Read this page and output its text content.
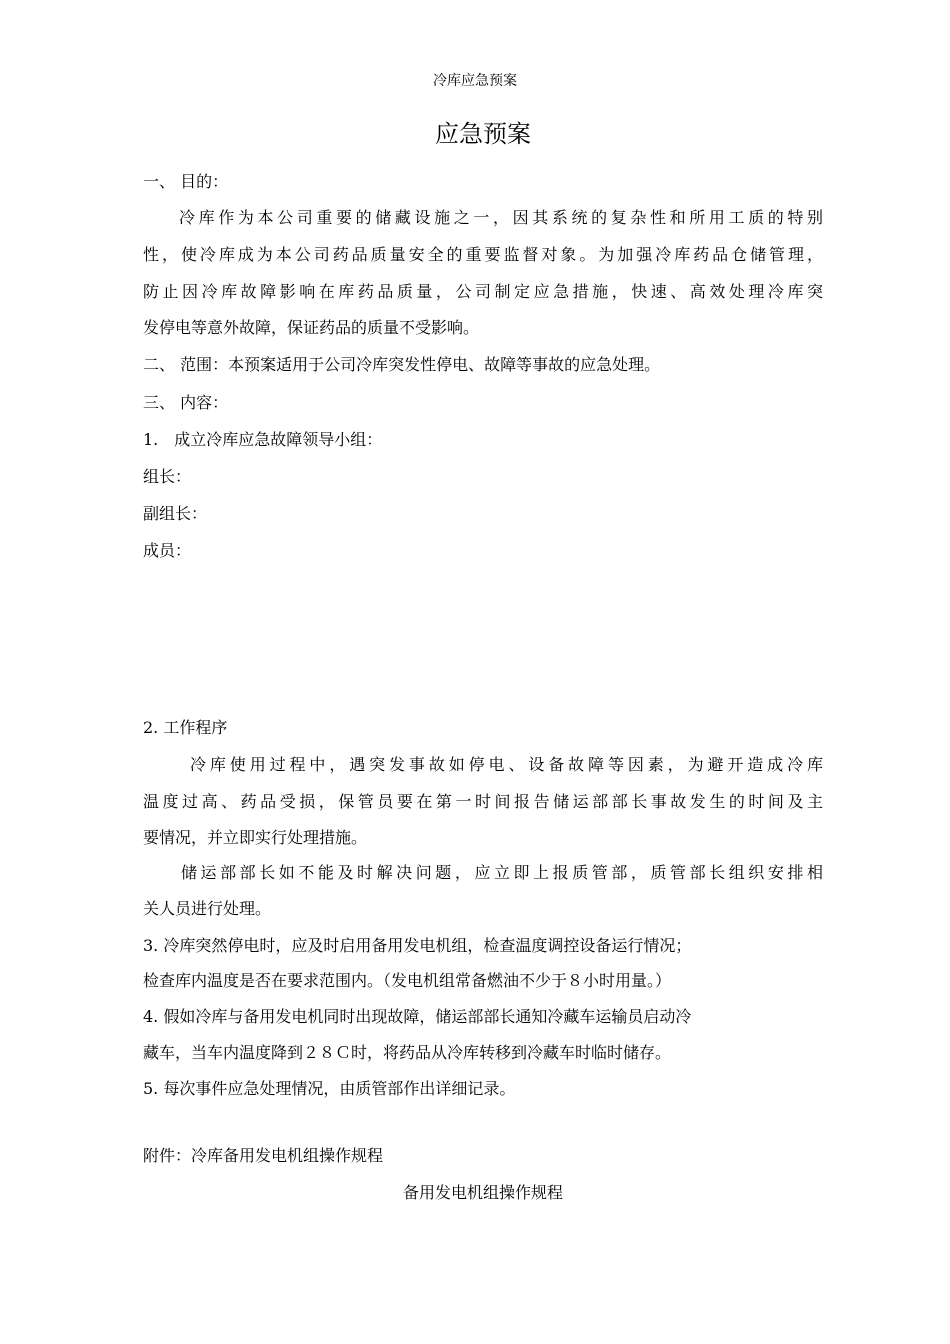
冷库应急预案
应急预案
一、 目的：
冷库作为本公司重要的储藏设施之一，因其系统的复杂性和所用工质的特别
性，使冷库成为本公司药品质量安全的重要监督对象。为加强冷库药品仓储管理，
防止因冷库故障影响在库药品质量，公司制定应急措施，快速、高效处理冷库突
发停电等意外故障，保证药品的质量不受影响。
二、 范围：本预案适用于公司冷库突发性停电、故障等事故的应急处理。
三、 内容：
1.　成立冷库应急故障领导小组：
组长：
副组长：
成员：
2. 工作程序
冷库使用过程中，遇突发事故如停电、设备故障等因素，为避开造成冷库
温度过高、药品受损，保管员要在第一时间报告储运部部长事故发生的时间及主
要情况，并立即实行处理措施。
储运部部长如不能及时解决问题，应立即上报质管部，质管部长组织安排相
关人员进行处理。
3. 冷库突然停电时，应及时启用备用发电机组，检查温度调控设备运行情况；
检查库内温度是否在要求范围内。（发电机组常备燃油不少于８小时用量。）
4. 假如冷库与备用发电机同时出现故障，储运部部长通知冷藏车运输员启动冷
藏车，当车内温度降到２８Ｃ时，将药品从冷库转移到冷藏车时临时储存。
5. 每次事件应急处理情况，由质管部作出详细记录。
附件：冷库备用发电机组操作规程
备用发电机组操作规程
